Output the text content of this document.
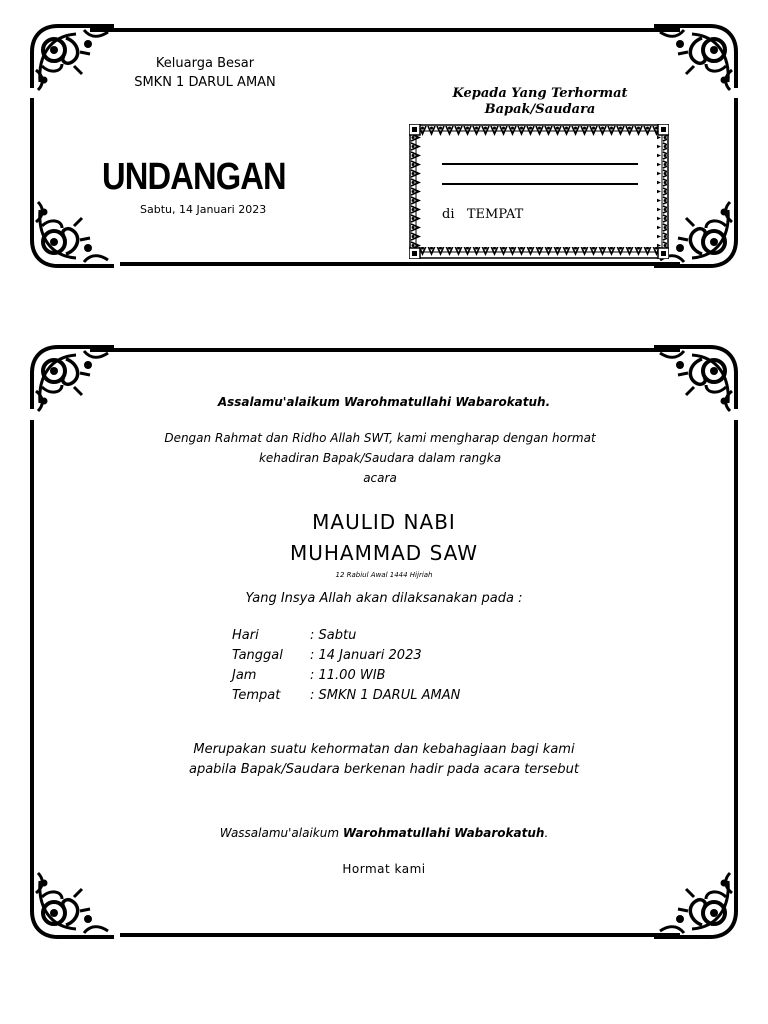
Keluarga Besar
SMKN 1 DARUL AMAN
UNDANGAN
Sabtu, 14 Januari 2023
Kepada Yang Terhormat
Bapak/Saudara
di TEMPAT
Assalamu'alaikum Warohmatullahi Wabarokatuh.
Dengan Rahmat dan Ridho Allah SWT, kami mengharap dengan hormat
kehadiran Bapak/Saudara dalam rangka
acara
MAULID NABI
MUHAMMAD SAW
12 Rabiul Awal 1444 Hijriah
Yang Insya Allah akan dilaksanakan pada :
Hari	: Sabtu
Tanggal	: 14 Januari 2023
Jam	: 11.00 WIB
Tempat	: SMKN 1 DARUL AMAN
Merupakan suatu kehormatan dan kebahagiaan bagi kami
apabila Bapak/Saudara berkenan hadir pada acara tersebut
Wassalamu'alaikum Warohmatullahi Wabarokatuh.
Hormat kami
